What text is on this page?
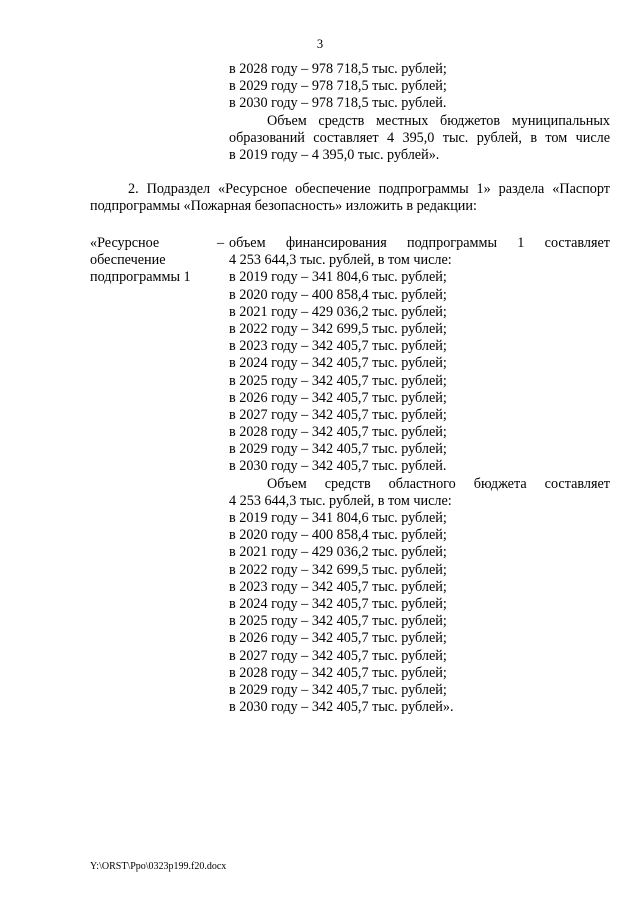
3
в 2028 году – 978 718,5 тыс. рублей;
в 2029 году – 978 718,5 тыс. рублей;
в 2030 году – 978 718,5 тыс. рублей.
Объем средств местных бюджетов муниципальных
образований составляет 4 395,0 тыс. рублей, в том числе
в 2019 году – 4 395,0 тыс. рублей».
2. Подраздел «Ресурсное обеспечение подпрограммы 1» раздела «Паспорт
подпрограммы «Пожарная безопасность» изложить в редакции:
«Ресурсное
обеспечение
подпрограммы 1
– объем финансирования подпрограммы 1 составляет
4 253 644,3 тыс. рублей, в том числе:
в 2019 году – 341 804,6 тыс. рублей;
в 2020 году – 400 858,4 тыс. рублей;
в 2021 году – 429 036,2 тыс. рублей;
в 2022 году – 342 699,5 тыс. рублей;
в 2023 году – 342 405,7 тыс. рублей;
в 2024 году – 342 405,7 тыс. рублей;
в 2025 году – 342 405,7 тыс. рублей;
в 2026 году – 342 405,7 тыс. рублей;
в 2027 году – 342 405,7 тыс. рублей;
в 2028 году – 342 405,7 тыс. рублей;
в 2029 году – 342 405,7 тыс. рублей;
в 2030 году – 342 405,7 тыс. рублей.
Объем средств областного бюджета составляет
4 253 644,3 тыс. рублей, в том числе:
в 2019 году – 341 804,6 тыс. рублей;
в 2020 году – 400 858,4 тыс. рублей;
в 2021 году – 429 036,2 тыс. рублей;
в 2022 году – 342 699,5 тыс. рублей;
в 2023 году – 342 405,7 тыс. рублей;
в 2024 году – 342 405,7 тыс. рублей;
в 2025 году – 342 405,7 тыс. рублей;
в 2026 году – 342 405,7 тыс. рублей;
в 2027 году – 342 405,7 тыс. рублей;
в 2028 году – 342 405,7 тыс. рублей;
в 2029 году – 342 405,7 тыс. рублей;
в 2030 году – 342 405,7 тыс. рублей».
Y:\ORST\Ppo\0323p199.f20.docx
